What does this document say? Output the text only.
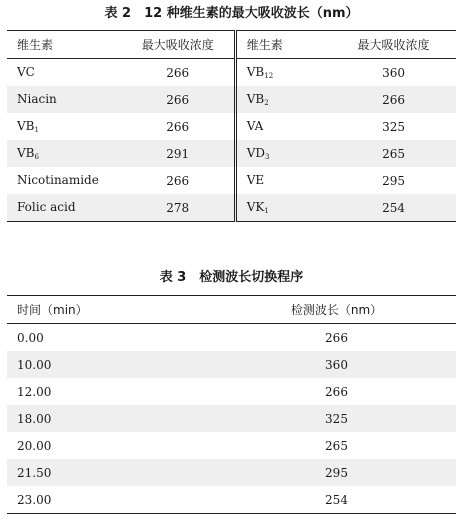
表 2　12 种维生素的最大吸收波长（nm）
维生素	最大吸收浓度	维生素	最大吸收浓度
VC	266	$VB_{12}$	360
Niacin	266	$VB_2$	266
$VB_1$	266	VA	325
$VB_6$	291	$VD_3$	265
Nicotinamide	266	VE	295
Folic acid	278	$VK_1$	254
表 3　检测波长切换程序
时间（min）	检测波长（nm）
0.00	266
10.00	360
12.00	266
18.00	325
20.00	265
21.50	295
23.00	254
